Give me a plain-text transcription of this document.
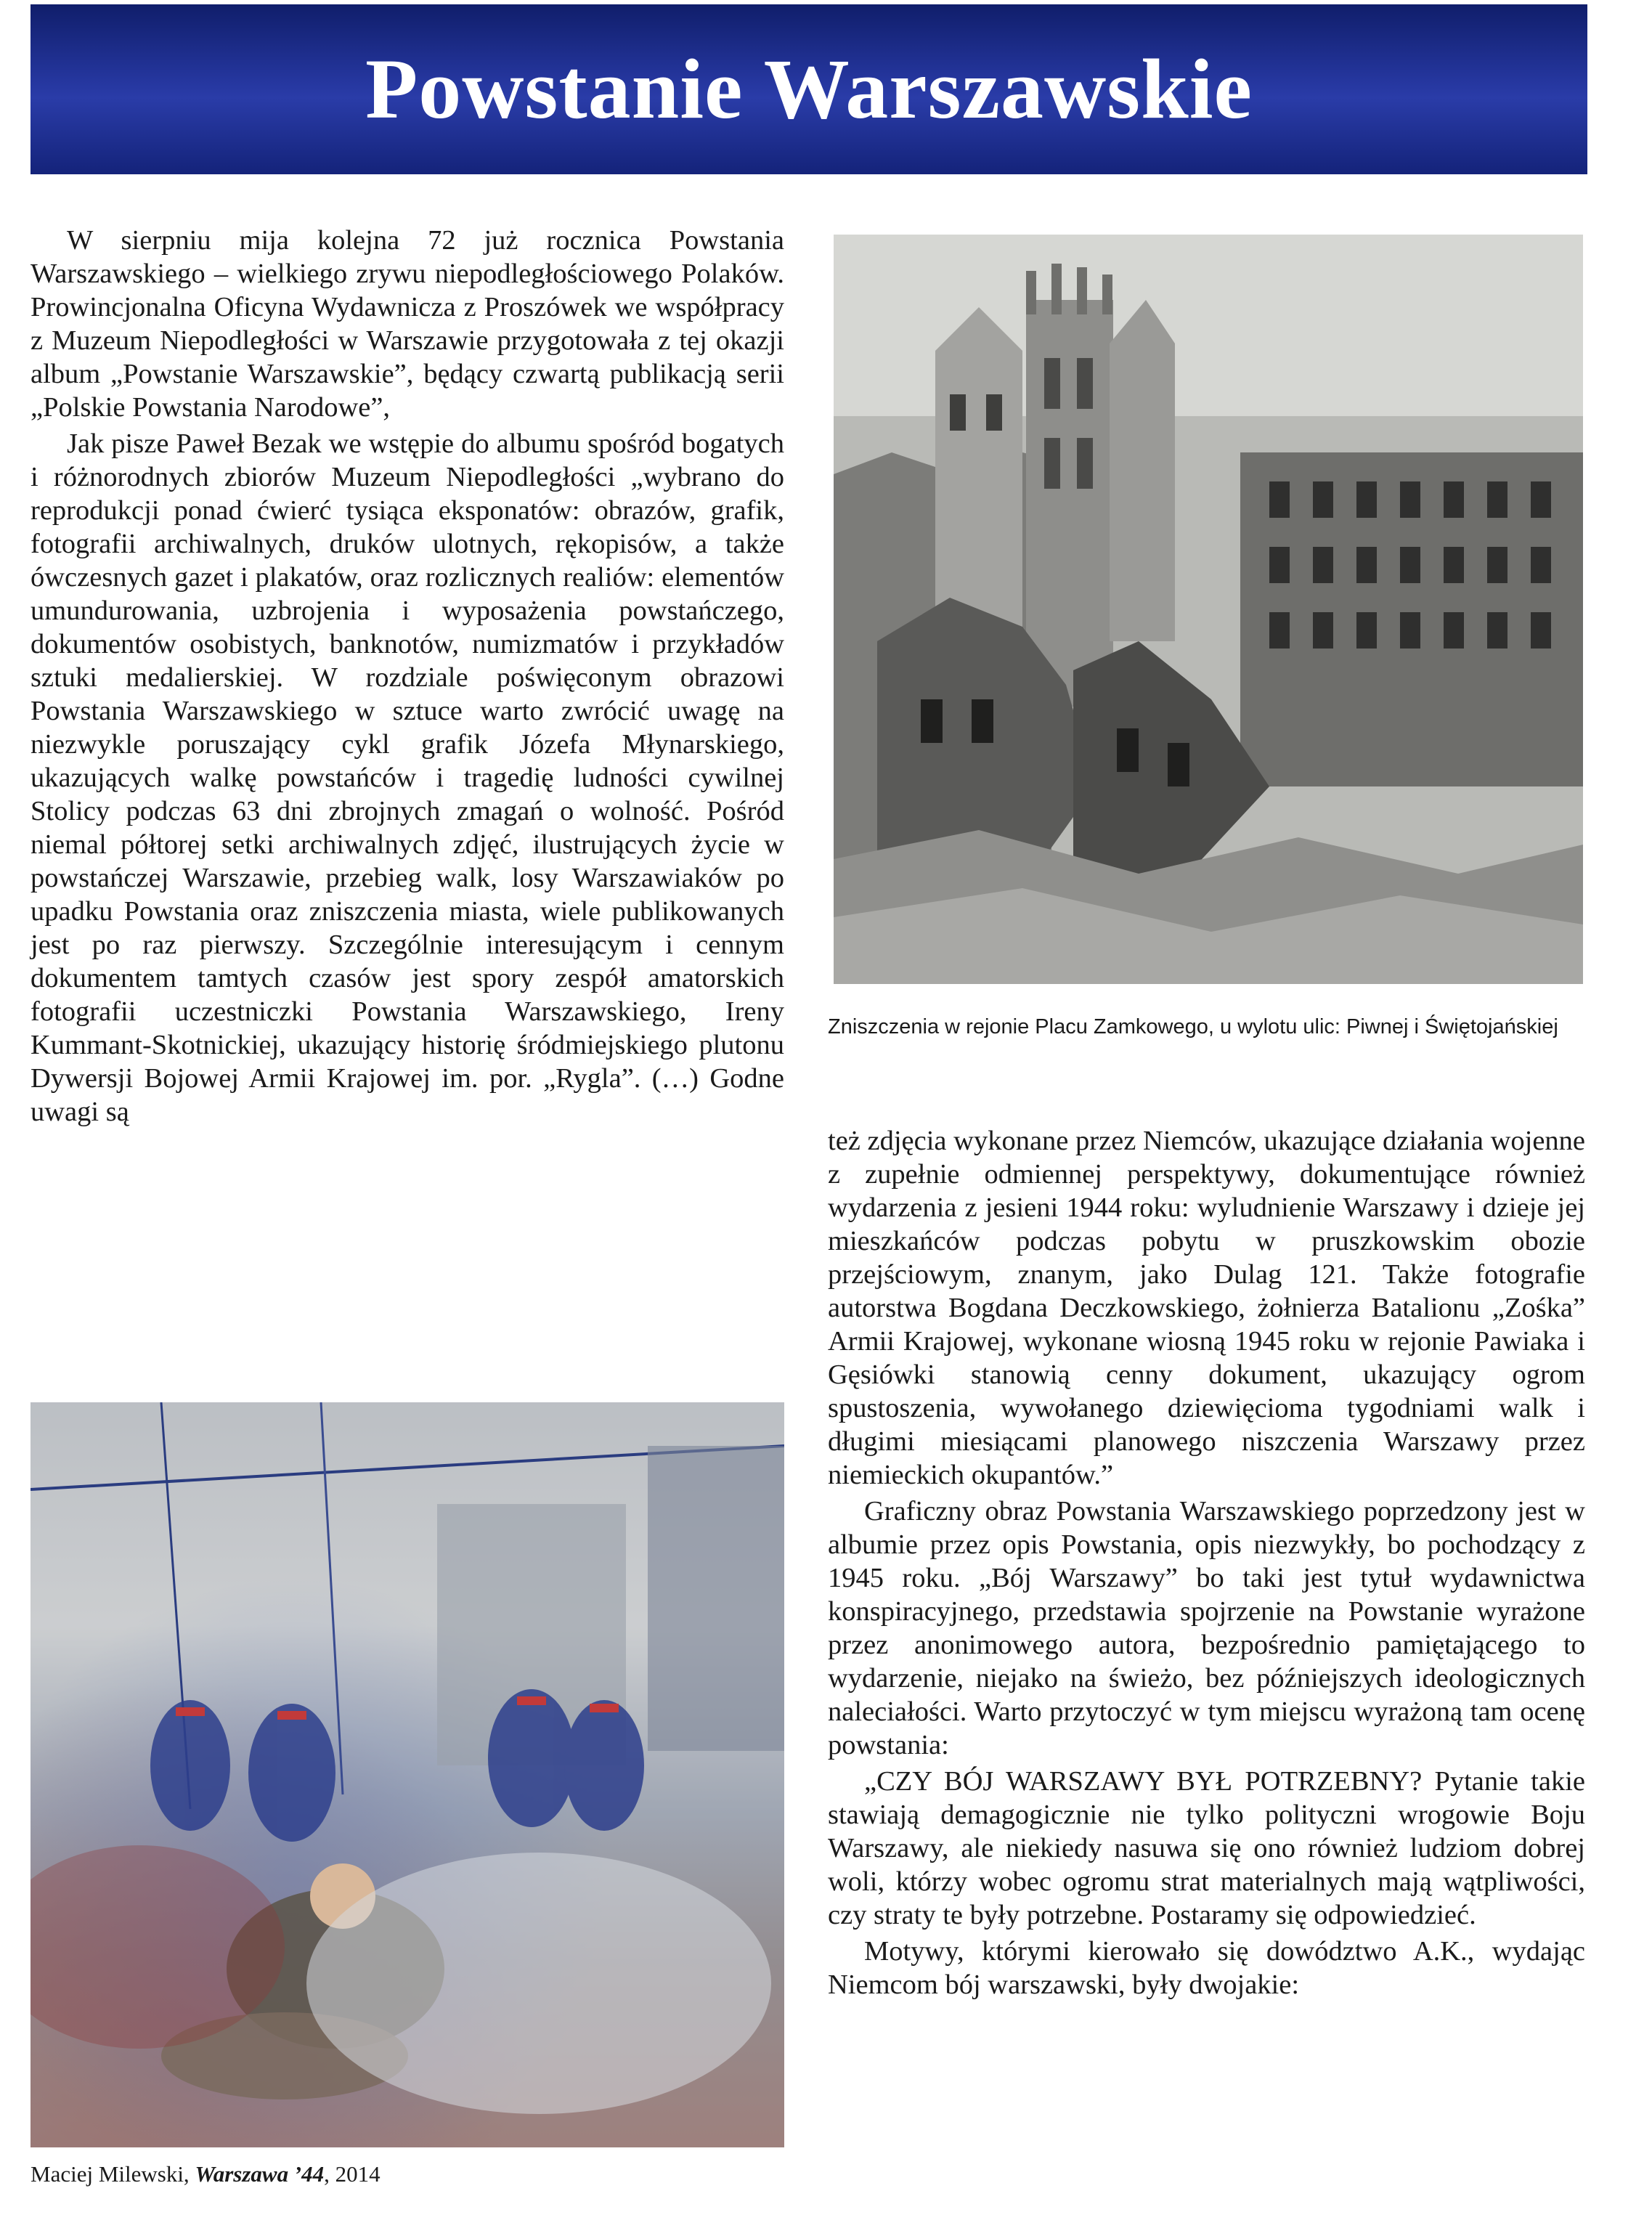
Powstanie Warszawskie

W sierpniu mija kolejna 72 już rocznica Powstania Warszawskiego – wielkiego zrywu niepodległościowego Polaków. Prowincjonalna Oficyna Wydawnicza z Proszówek we współpracy z Muzeum Niepodległości w Warszawie przygotowała z tej okazji album „Powstanie Warszawskie”, będący czwartą publikacją serii „Polskie Powstania Narodowe”,

Jak pisze Paweł Bezak we wstępie do albumu spośród bogatych i różnorodnych zbiorów Muzeum Niepodległości „wybrano do reprodukcji ponad ćwierć tysiąca eksponatów: obrazów, grafik, fotografii archiwalnych, druków ulotnych, rękopisów, a także ówczesnych gazet i plakatów, oraz rozlicznych realiów: elementów umundurowania, uzbrojenia i wyposażenia powstańczego, dokumentów osobistych, banknotów, numizmatów i przykładów sztuki medalierskiej. W rozdziale poświęconym obrazowi Powstania Warszawskiego w sztuce warto zwrócić uwagę na niezwykle poruszający cykl grafik Józefa Młynarskiego, ukazujących walkę powstańców i tragedię ludności cywilnej Stolicy podczas 63 dni zbrojnych zmagań o wolność. Pośród niemal półtorej setki archiwalnych zdjęć, ilustrujących życie w powstańczej Warszawie, przebieg walk, losy Warszawiaków po upadku Powstania oraz zniszczenia miasta, wiele publikowanych jest po raz pierwszy. Szczególnie interesującym i cennym dokumentem tamtych czasów jest spory zespół amatorskich fotografii uczestniczki Powstania Warszawskiego, Ireny Kummant-Skotnickiej, ukazujący historię śródmiejskiego plutonu Dywersji Bojowej Armii Krajowej im. por. „Rygla”. (…) Godne uwagi są

Zniszczenia w rejonie Placu Zamkowego, u wylotu ulic: Piwnej i Świętojańskiej

też zdjęcia wykonane przez Niemców, ukazujące działania wojenne z zupełnie odmiennej perspektywy, dokumentujące również wydarzenia z jesieni 1944 roku: wyludnienie Warszawy i dzieje jej mieszkańców podczas pobytu w pruszkowskim obozie przejściowym, znanym, jako Dulag 121. Także fotografie autorstwa Bogdana Deczkowskiego, żołnierza Batalionu „Zośka” Armii Krajowej, wykonane wiosną 1945 roku w rejonie Pawiaka i Gęsiówki stanowią cenny dokument, ukazujący ogrom spustoszenia, wywołanego dziewięcioma tygodniami walk i długimi miesiącami planowego niszczenia Warszawy przez niemieckich okupantów.”

Graficzny obraz Powstania Warszawskiego poprzedzony jest w albumie przez opis Powstania, opis niezwykły, bo pochodzący z 1945 roku. „Bój Warszawy” bo taki jest tytuł wydawnictwa konspiracyjnego, przedstawia spojrzenie na Powstanie wyrażone przez anonimowego autora, bezpośrednio pamiętającego to wydarzenie, niejako na świeżo, bez późniejszych ideologicznych naleciałości. Warto przytoczyć w tym miejscu wyrażoną tam ocenę powstania:

„CZY BÓJ WARSZAWY BYŁ POTRZEBNY? Pytanie takie stawiają demagogicznie nie tylko polityczni wrogowie Boju Warszawy, ale niekiedy nasuwa się ono również ludziom dobrej woli, którzy wobec ogromu strat materialnych mają wątpliwości, czy straty te były potrzebne. Postaramy się odpowiedzieć.

Motywy, którymi kierowało się dowództwo A.K., wydając Niemcom bój warszawski, były dwojakie:

Maciej Milewski, Warszawa ’44, 2014
